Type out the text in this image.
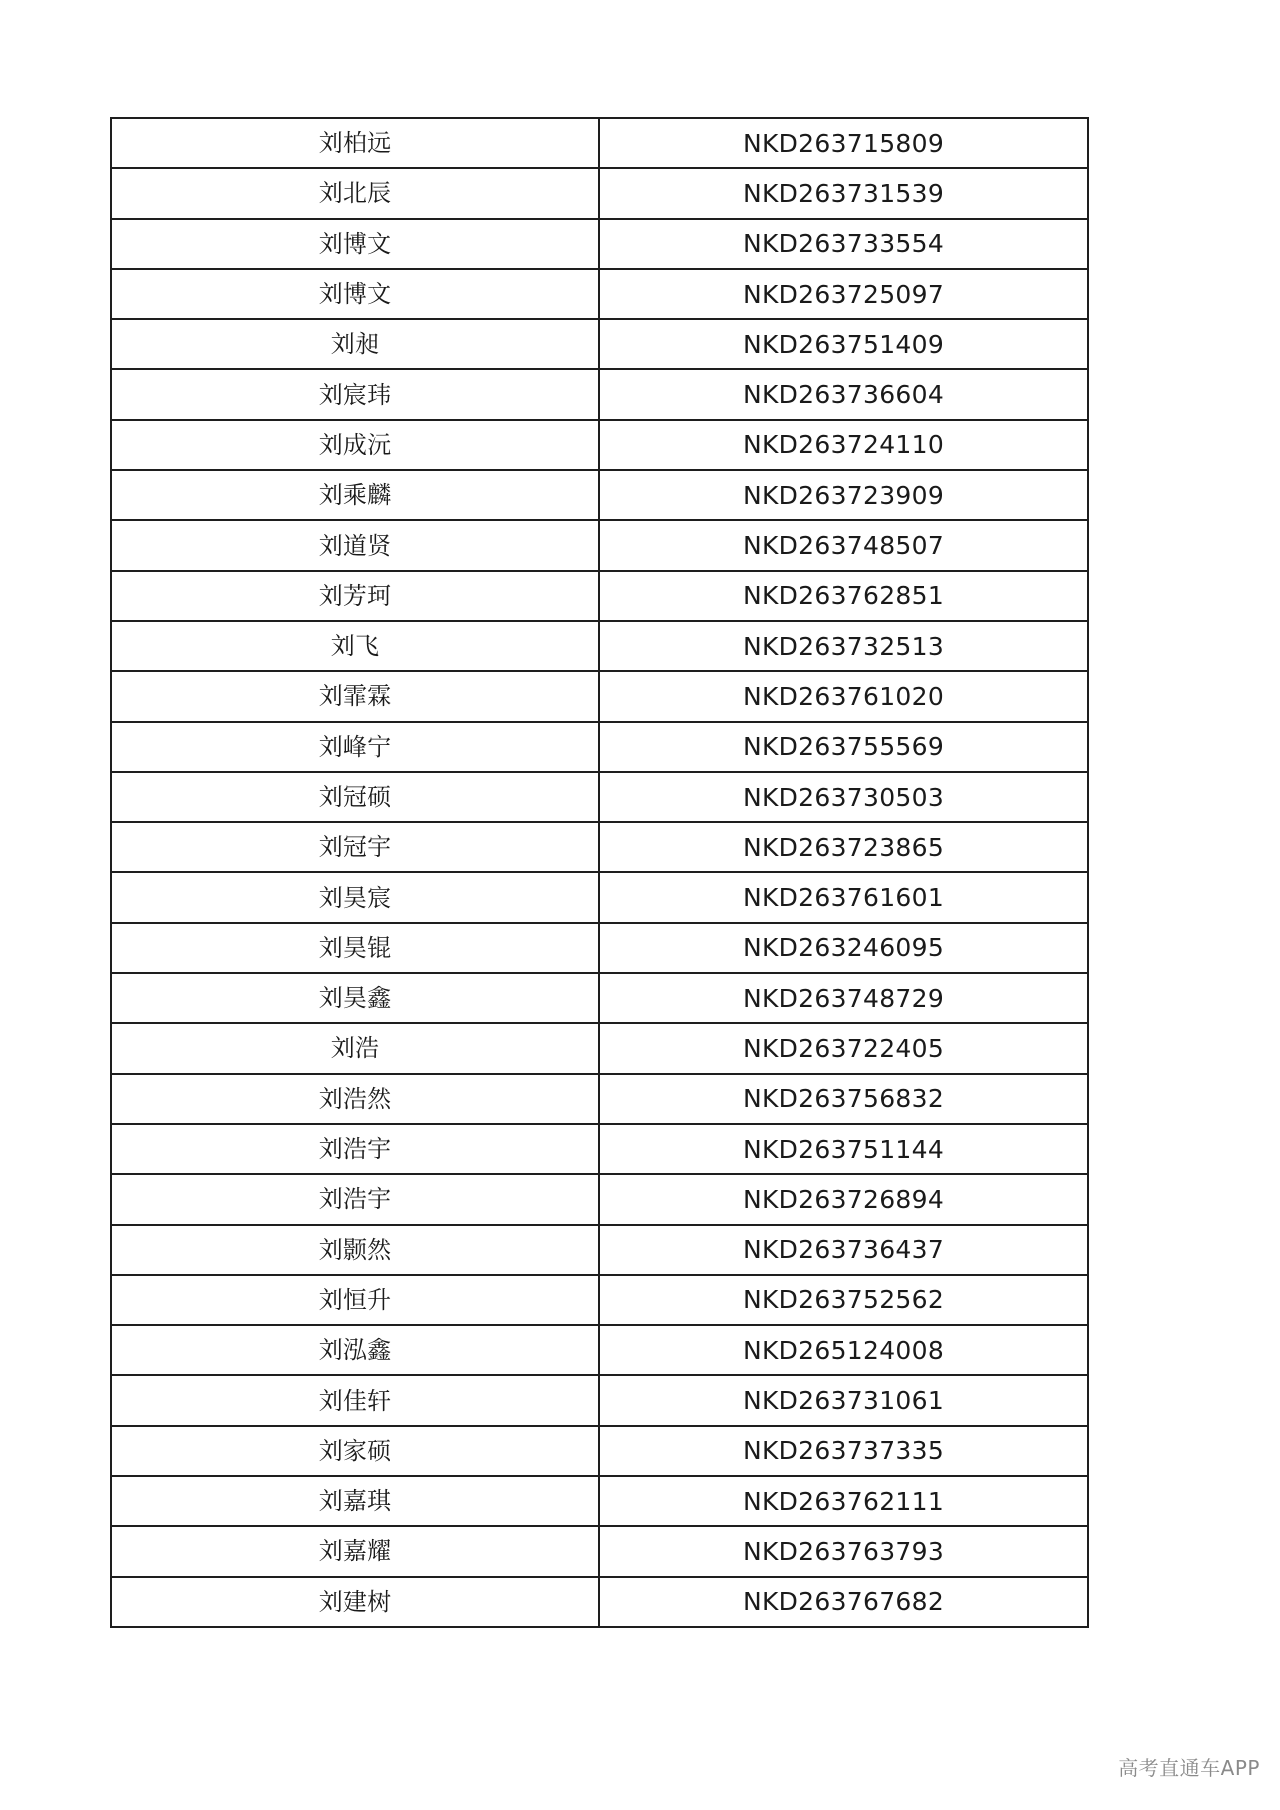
刘柏远	NKD263715809
刘北辰	NKD263731539
刘博文	NKD263733554
刘博文	NKD263725097
刘昶	NKD263751409
刘宸玮	NKD263736604
刘成沅	NKD263724110
刘乘麟	NKD263723909
刘道贤	NKD263748507
刘芳珂	NKD263762851
刘飞	NKD263732513
刘霏霖	NKD263761020
刘峰宁	NKD263755569
刘冠硕	NKD263730503
刘冠宇	NKD263723865
刘昊宸	NKD263761601
刘昊锟	NKD263246095
刘昊鑫	NKD263748729
刘浩	NKD263722405
刘浩然	NKD263756832
刘浩宇	NKD263751144
刘浩宇	NKD263726894
刘颢然	NKD263736437
刘恒升	NKD263752562
刘泓鑫	NKD265124008
刘佳轩	NKD263731061
刘家硕	NKD263737335
刘嘉琪	NKD263762111
刘嘉耀	NKD263763793
刘建树	NKD263767682
高考直通车APP
